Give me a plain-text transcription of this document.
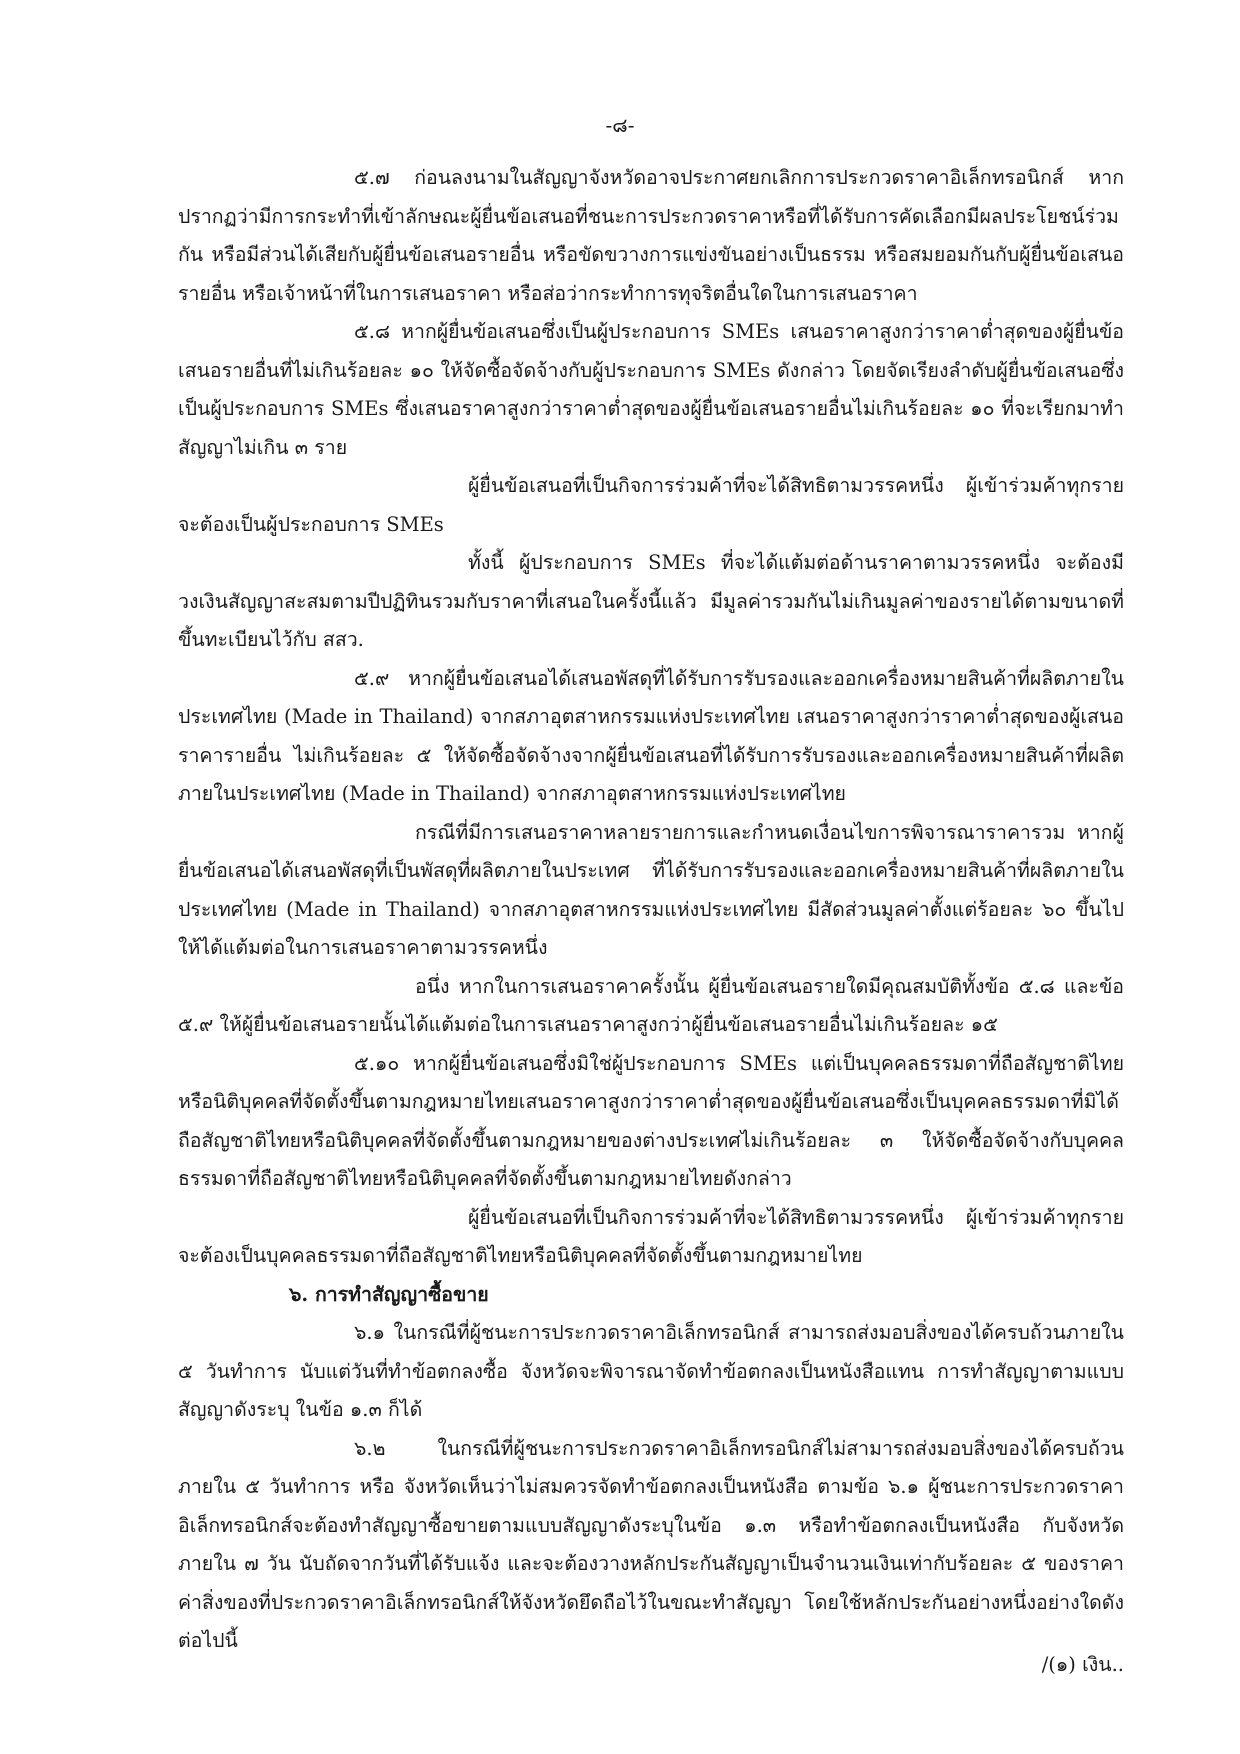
-๘-

๕.๗ ก่อนลงนามในสัญญาจังหวัดอาจประกาศยกเลิกการประกวดราคาอิเล็กทรอนิกส์ หากปรากฏว่ามีการกระทำที่เข้าลักษณะผู้ยื่นข้อเสนอที่ชนะการประกวดราคาหรือที่ได้รับการคัดเลือกมีผลประโยชน์ร่วมกัน หรือมีส่วนได้เสียกับผู้ยื่นข้อเสนอรายอื่น หรือขัดขวางการแข่งขันอย่างเป็นธรรม หรือสมยอมกันกับผู้ยื่นข้อเสนอรายอื่น หรือเจ้าหน้าที่ในการเสนอราคา หรือส่อว่ากระทำการทุจริตอื่นใดในการเสนอราคา

๕.๘ หากผู้ยื่นข้อเสนอซึ่งเป็นผู้ประกอบการ SMEs เสนอราคาสูงกว่าราคาต่ำสุดของผู้ยื่นข้อเสนอรายอื่นที่ไม่เกินร้อยละ ๑๐ ให้จัดซื้อจัดจ้างกับผู้ประกอบการ SMEs ดังกล่าว โดยจัดเรียงลำดับผู้ยื่นข้อเสนอซึ่งเป็นผู้ประกอบการ SMEs ซึ่งเสนอราคาสูงกว่าราคาต่ำสุดของผู้ยื่นข้อเสนอรายอื่นไม่เกินร้อยละ ๑๐ ที่จะเรียกมาทำสัญญาไม่เกิน ๓ ราย

ผู้ยื่นข้อเสนอที่เป็นกิจการร่วมค้าที่จะได้สิทธิตามวรรคหนึ่ง ผู้เข้าร่วมค้าทุกรายจะต้องเป็นผู้ประกอบการ SMEs

ทั้งนี้ ผู้ประกอบการ SMEs ที่จะได้แต้มต่อด้านราคาตามวรรคหนึ่ง จะต้องมีวงเงินสัญญาสะสมตามปีปฏิทินรวมกับราคาที่เสนอในครั้งนี้แล้ว มีมูลค่ารวมกันไม่เกินมูลค่าของรายได้ตามขนาดที่ขึ้นทะเบียนไว้กับ สสว.

๕.๙ หากผู้ยื่นข้อเสนอได้เสนอพัสดุที่ได้รับการรับรองและออกเครื่องหมายสินค้าที่ผลิตภายในประเทศไทย (Made in Thailand) จากสภาอุตสาหกรรมแห่งประเทศไทย เสนอราคาสูงกว่าราคาต่ำสุดของผู้เสนอราคารายอื่น ไม่เกินร้อยละ ๕ ให้จัดซื้อจัดจ้างจากผู้ยื่นข้อเสนอที่ได้รับการรับรองและออกเครื่องหมายสินค้าที่ผลิต ภายในประเทศไทย (Made in Thailand) จากสภาอุตสาหกรรมแห่งประเทศไทย

กรณีที่มีการเสนอราคาหลายรายการและกำหนดเงื่อนไขการพิจารณาราคารวม หากผู้ยื่นข้อเสนอได้เสนอพัสดุที่เป็นพัสดุที่ผลิตภายในประเทศ ที่ได้รับการรับรองและออกเครื่องหมายสินค้าที่ผลิตภายในประเทศไทย (Made in Thailand) จากสภาอุตสาหกรรมแห่งประเทศไทย มีสัดส่วนมูลค่าตั้งแต่ร้อยละ ๖๐ ขึ้นไป ให้ได้แต้มต่อในการเสนอราคาตามวรรคหนึ่ง

อนึ่ง หากในการเสนอราคาครั้งนั้น ผู้ยื่นข้อเสนอรายใดมีคุณสมบัติทั้งข้อ ๕.๘ และข้อ ๕.๙ ให้ผู้ยื่นข้อเสนอรายนั้นได้แต้มต่อในการเสนอราคาสูงกว่าผู้ยื่นข้อเสนอรายอื่นไม่เกินร้อยละ ๑๕

๕.๑๐ หากผู้ยื่นข้อเสนอซึ่งมิใช่ผู้ประกอบการ SMEs แต่เป็นบุคคลธรรมดาที่ถือสัญชาติไทยหรือนิติบุคคลที่จัดตั้งขึ้นตามกฎหมายไทยเสนอราคาสูงกว่าราคาต่ำสุดของผู้ยื่นข้อเสนอซึ่งเป็นบุคคลธรรมดาที่มิได้ถือสัญชาติไทยหรือนิติบุคคลที่จัดตั้งขึ้นตามกฎหมายของต่างประเทศไม่เกินร้อยละ ๓ ให้จัดซื้อจัดจ้างกับบุคคลธรรมดาที่ถือสัญชาติไทยหรือนิติบุคคลที่จัดตั้งขึ้นตามกฎหมายไทยดังกล่าว

ผู้ยื่นข้อเสนอที่เป็นกิจการร่วมค้าที่จะได้สิทธิตามวรรคหนึ่ง ผู้เข้าร่วมค้าทุกรายจะต้องเป็นบุคคลธรรมดาที่ถือสัญชาติไทยหรือนิติบุคคลที่จัดตั้งขึ้นตามกฎหมายไทย

๖. การทำสัญญาซื้อขาย

๖.๑ ในกรณีที่ผู้ชนะการประกวดราคาอิเล็กทรอนิกส์ สามารถส่งมอบสิ่งของได้ครบถ้วนภายใน ๕ วันทำการ นับแต่วันที่ทำข้อตกลงซื้อ จังหวัดจะพิจารณาจัดทำข้อตกลงเป็นหนังสือแทน การทำสัญญาตามแบบสัญญาดังระบุ ในข้อ ๑.๓ ก็ได้

๖.๒ ในกรณีที่ผู้ชนะการประกวดราคาอิเล็กทรอนิกส์ไม่สามารถส่งมอบสิ่งของได้ครบถ้วนภายใน ๕ วันทำการ หรือ จังหวัดเห็นว่าไม่สมควรจัดทำข้อตกลงเป็นหนังสือ ตามข้อ ๖.๑ ผู้ชนะการประกวดราคาอิเล็กทรอนิกส์จะต้องทำสัญญาซื้อขายตามแบบสัญญาดังระบุในข้อ ๑.๓ หรือทำข้อตกลงเป็นหนังสือ กับจังหวัดภายใน ๗ วัน นับถัดจากวันที่ได้รับแจ้ง และจะต้องวางหลักประกันสัญญาเป็นจำนวนเงินเท่ากับร้อยละ ๕ ของราคาค่าสิ่งของที่ประกวดราคาอิเล็กทรอนิกส์ให้จังหวัดยึดถือไว้ในขณะทำสัญญา โดยใช้หลักประกันอย่างหนึ่งอย่างใดดังต่อไปนี้

/(๑) เงิน..
